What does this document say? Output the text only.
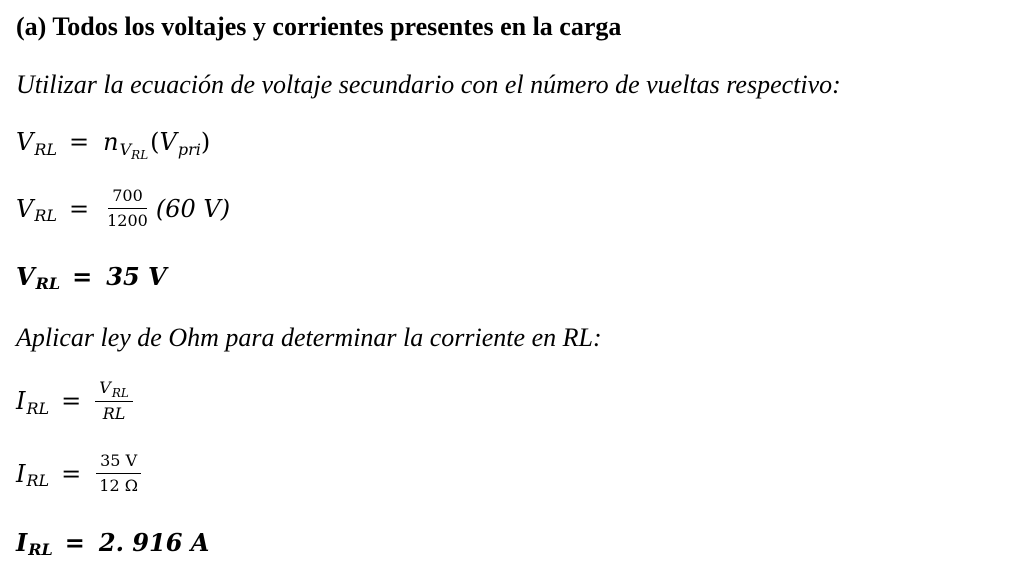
(a) Todos los voltajes y corrientes presentes en la carga
Utilizar la ecuación de voltaje secundario con el número de vueltas respectivo:
V RL = n $V_{RL}$ ( V pri )
V RL = $\frac{700}{1200} (60$ V)
V RL = 35 V
Aplicar ley de Ohm para determinar la corriente en RL:
I RL = $\frac{V_{RL}}{RL}$
I RL = $\frac{35 V}{12 \Omega}$
I RL = 2. 916 A
